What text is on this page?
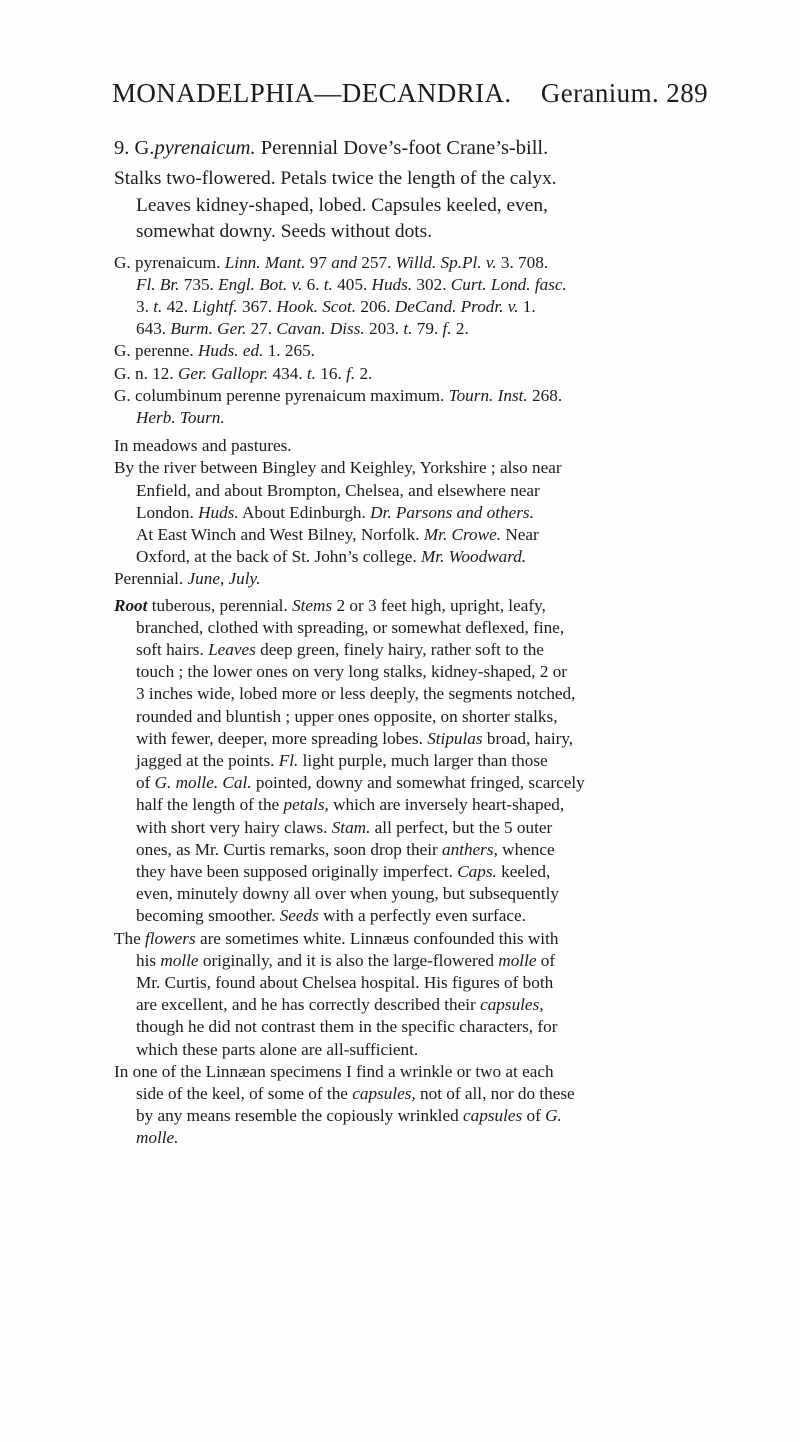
MONADELPHIA—DECANDRIA. Geranium. 289
9. G.pyrenaicum. Perennial Dove’s-foot Crane’s-bill.
Stalks two-flowered. Petals twice the length of the calyx.
Leaves kidney-shaped, lobed. Capsules keeled, even,
somewhat downy. Seeds without dots.
G. pyrenaicum. Linn. Mant. 97 and 257. Willd. Sp.Pl. v. 3. 708.
Fl. Br. 735. Engl. Bot. v. 6. t. 405. Huds. 302. Curt. Lond. fasc.
3. t. 42. Lightf. 367. Hook. Scot. 206. DeCand. Prodr. v. 1.
643. Burm. Ger. 27. Cavan. Diss. 203. t. 79. f. 2.
G. perenne. Huds. ed. 1. 265.
G. n. 12. Ger. Gallopr. 434. t. 16. f. 2.
G. columbinum perenne pyrenaicum maximum. Tourn. Inst. 268.
Herb. Tourn.
In meadows and pastures.
By the river between Bingley and Keighley, Yorkshire ; also near
Enfield, and about Brompton, Chelsea, and elsewhere near
London. Huds. About Edinburgh. Dr. Parsons and others.
At East Winch and West Bilney, Norfolk. Mr. Crowe. Near
Oxford, at the back of St. John’s college. Mr. Woodward.
Perennial. June, July.
Root tuberous, perennial. Stems 2 or 3 feet high, upright, leafy,
branched, clothed with spreading, or somewhat deflexed, fine,
soft hairs. Leaves deep green, finely hairy, rather soft to the
touch ; the lower ones on very long stalks, kidney-shaped, 2 or
3 inches wide, lobed more or less deeply, the segments notched,
rounded and bluntish ; upper ones opposite, on shorter stalks,
with fewer, deeper, more spreading lobes. Stipulas broad, hairy,
jagged at the points. Fl. light purple, much larger than those
of G. molle. Cal. pointed, downy and somewhat fringed, scarcely
half the length of the petals, which are inversely heart-shaped,
with short very hairy claws. Stam. all perfect, but the 5 outer
ones, as Mr. Curtis remarks, soon drop their anthers, whence
they have been supposed originally imperfect. Caps. keeled,
even, minutely downy all over when young, but subsequently
becoming smoother. Seeds with a perfectly even surface.
The flowers are sometimes white. Linnæus confounded this with
his molle originally, and it is also the large-flowered molle of
Mr. Curtis, found about Chelsea hospital. His figures of both
are excellent, and he has correctly described their capsules,
though he did not contrast them in the specific characters, for
which these parts alone are all-sufficient.
In one of the Linnæan specimens I find a wrinkle or two at each
side of the keel, of some of the capsules, not of all, nor do these
by any means resemble the copiously wrinkled capsules of G.
molle.
